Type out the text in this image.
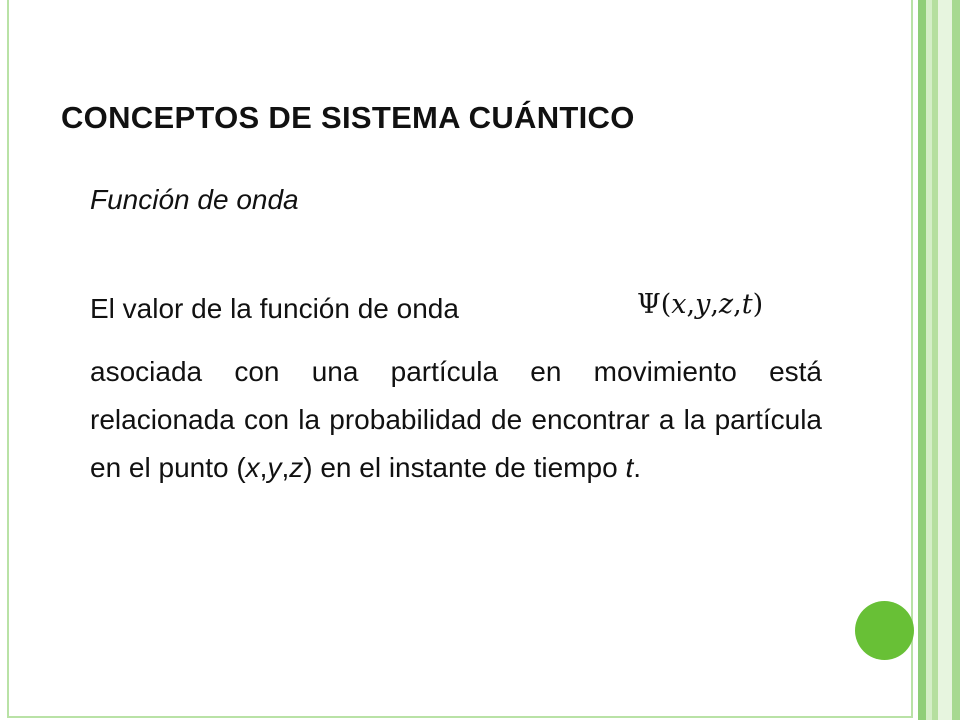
CONCEPTOS DE SISTEMA CUÁNTICO
Función de onda
El valor de la función de onda	Ψ(x,y,z,t)

asociada con una partícula en movimiento está relacionada con la probabilidad de encontrar a la partícula en el punto (x,y,z) en el instante de tiempo t.
